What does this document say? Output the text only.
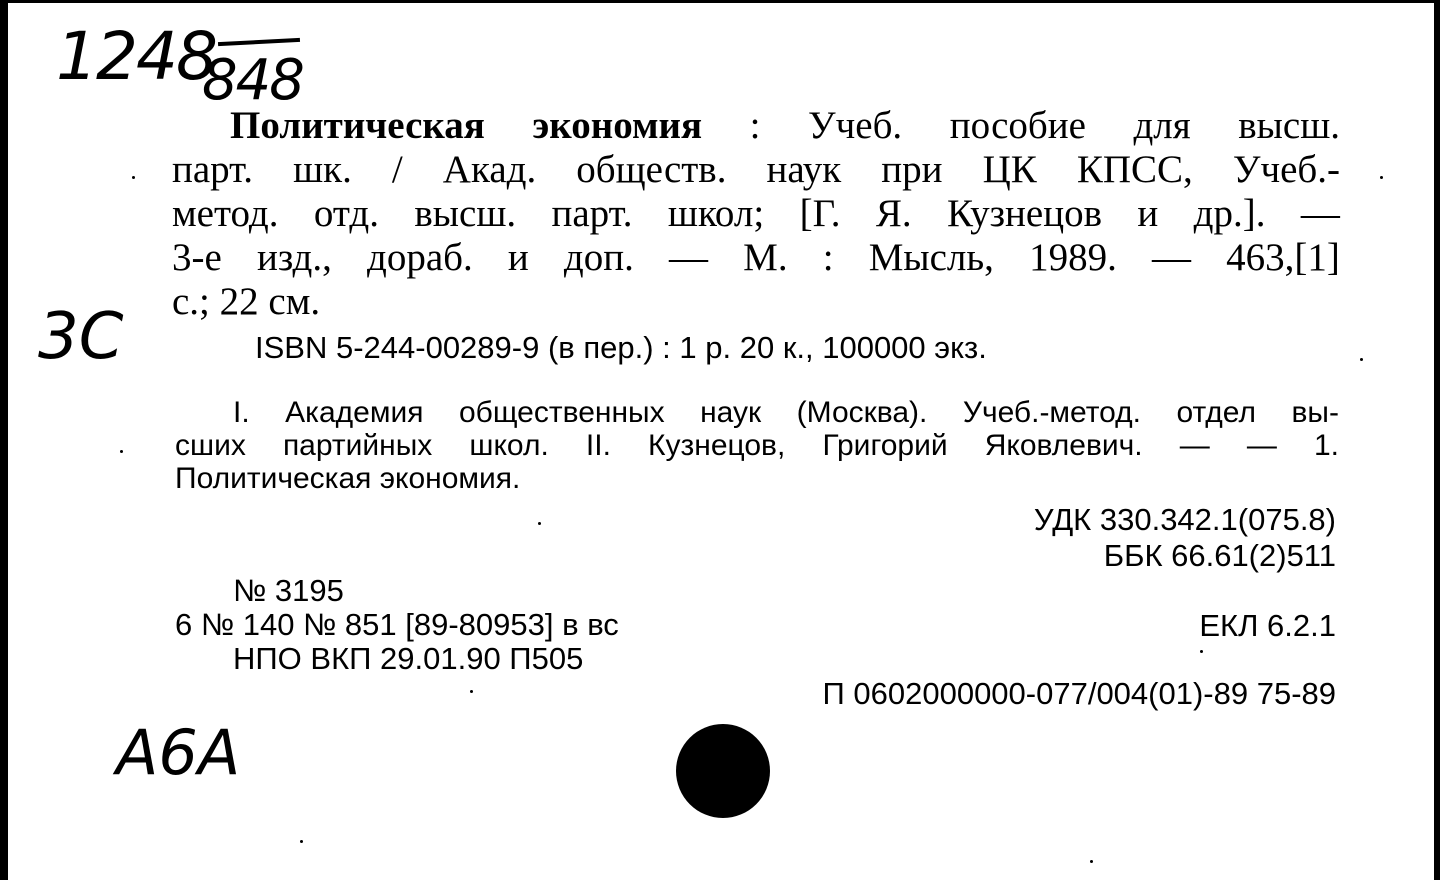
1248
848
3C
A6A
Политическая экономия : Учеб. пособие для высш.
парт. шк. / Акад. обществ. наук при ЦК КПСС, Учеб.-
метод. отд. высш. парт. школ; [Г. Я. Кузнецов и др.]. —
3-е изд., дораб. и доп. — М. : Мысль, 1989. — 463,[1]
с.; 22 см.
ISBN 5-244-00289-9 (в пер.) : 1 р. 20 к., 100000 экз.
I. Академия общественных наук (Москва). Учеб.-метод. отдел вы-
сших партийных школ. II. Кузнецов, Григорий Яковлевич. — — 1.
Политическая экономия.
УДК 330.342.1(075.8)
ББК 66.61(2)511
№ 3195
6 № 140 № 851 [89-80953] в вс
НПО ВКП 29.01.90 П505
ЕКЛ 6.2.1
П 0602000000-077/004(01)-89 75-89
